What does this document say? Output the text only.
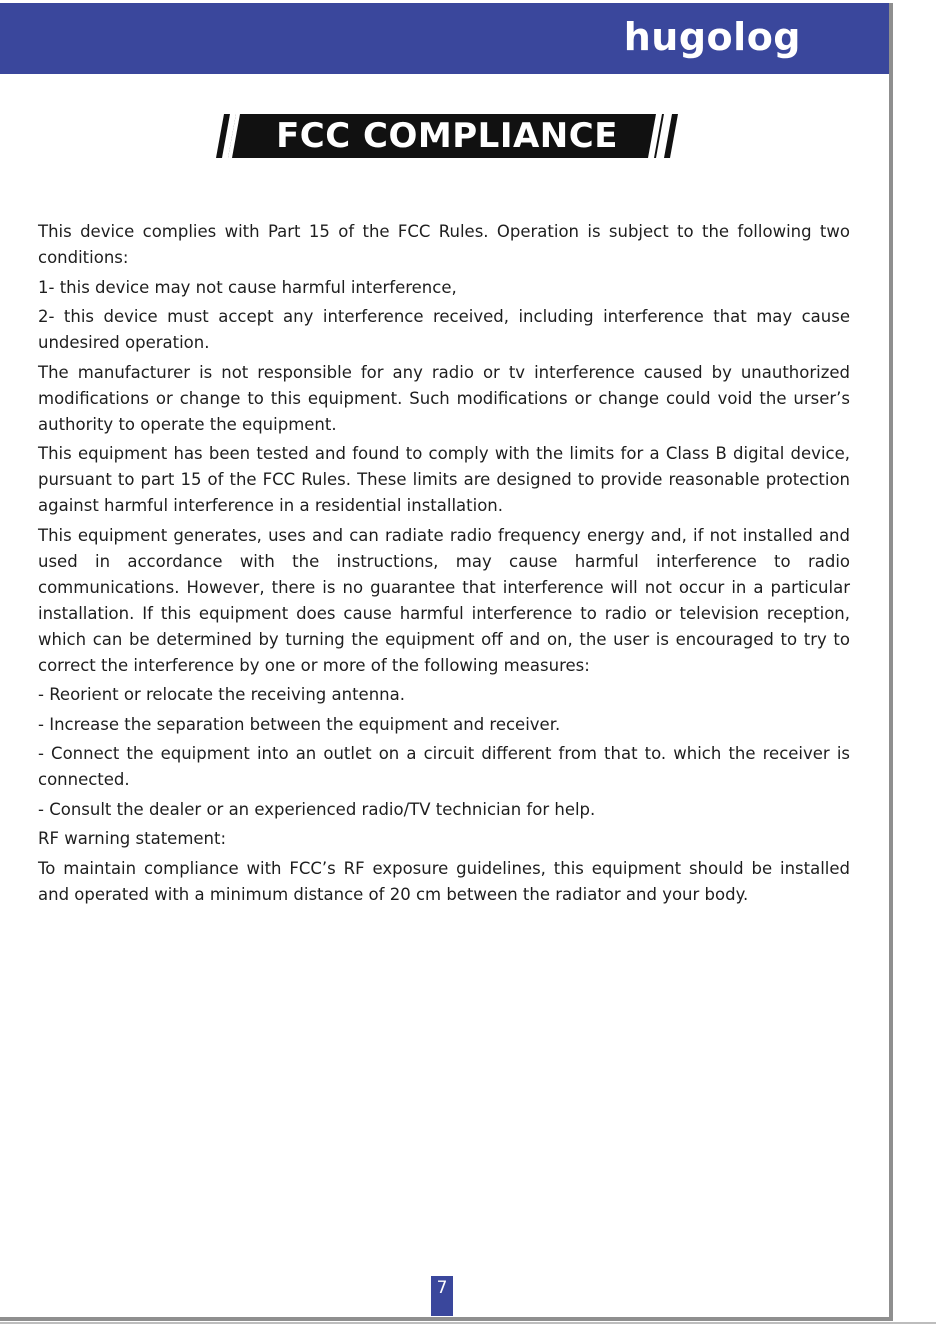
hugolog
FCC COMPLIANCE

This device complies with Part 15 of the FCC Rules. Operation is subject to the following two conditions:

1- this device may not cause harmful interference,

2- this device must accept any interference received, including interference that may cause undesired operation.

The manufacturer is not responsible for any radio or tv interference caused by unauthorized modifications or change to this equipment. Such modifications or change could void the urser’s authority to operate the equipment.

This equipment has been tested and found to comply with the limits for a Class B digital device, pursuant to part 15 of the FCC Rules. These limits are designed to provide reasonable protection against harmful interference in a residential installation.

This equipment generates, uses and can radiate radio frequency energy and, if not installed and used in accordance with the instructions, may cause harmful interference to radio communications. However, there is no guarantee that interference will not occur in a particular installation. If this equipment does cause harmful interference to radio or television reception, which can be determined by turning the equipment off and on, the user is encouraged to try to correct the interference by one or more of the following measures:

- Reorient or relocate the receiving antenna.

- Increase the separation between the equipment and receiver.

- Connect the equipment into an outlet on a circuit different from that to. which the receiver is connected.

- Consult the dealer or an experienced radio/TV technician for help.

RF warning statement:

To maintain compliance with FCC’s RF exposure guidelines, this equipment should be installed and operated with a minimum distance of 20 cm between the radiator and your body.

7
